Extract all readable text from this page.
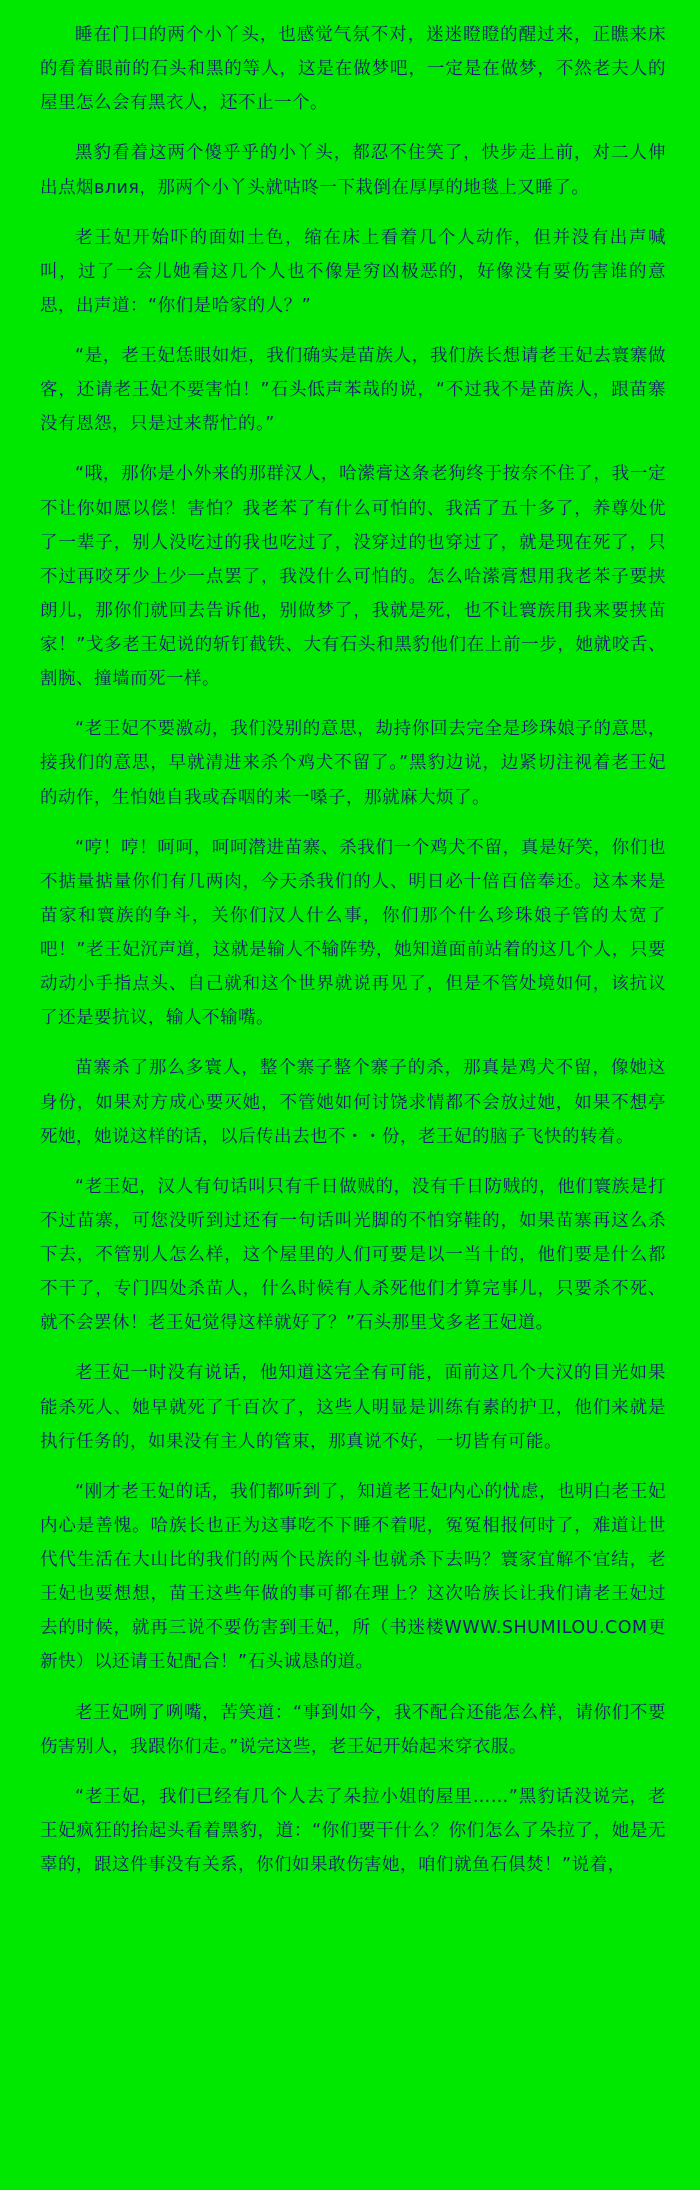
睡在门口的两个小丫头，也感觉气氛不对，迷迷瞪瞪的醒过来，正瞧来床的看着眼前的石头和黑的等人，这是在做梦吧，一定是在做梦，不然老夫人的屋里怎么会有黑衣人，还不止一个。

黑豹看着这两个傻乎乎的小丫头，都忍不住笑了，快步走上前，对二人伸出点烟влия，那两个小丫头就咕咚一下栽倒在厚厚的地毯上又睡了。

老王妃开始吓的面如土色，缩在床上看着几个人动作，但并没有出声喊叫，过了一会儿她看这几个人也不像是穷凶极恶的，好像没有要伤害谁的意思，出声道：“你们是哈家的人？”

“是，老王妃恁眼如炬，我们确实是苗族人，我们族长想请老王妃去寰寨做客，还请老王妃不要害怕！”石头低声苯哉的说，“不过我不是苗族人，跟苗寨没有恩怨，只是过来帮忙的。”

“哦，那你是小外来的那群汉人，哈潆膏这条老狗终于按奈不住了，我一定不让你如愿以偿！害怕？我老苯了有什么可怕的、我活了五十多了，养尊处优了一辈子，别人没吃过的我也吃过了，没穿过的也穿过了，就是现在死了，只不过再咬牙少上少一点罢了，我没什么可怕的。怎么哈潆膏想用我老苯子要挟朗儿，那你们就回去告诉他，别做梦了，我就是死，也不让寰族用我来要挟苗家！”戈多老王妃说的斩钉截铁、大有石头和黑豹他们在上前一步，她就咬舌、割腕、撞墙而死一样。

“老王妃不要激动，我们没别的意思，劫持你回去完全是珍珠娘子的意思，接我们的意思，早就清进来杀个鸡犬不留了。”黑豹边说，边紧切注视着老王妃的动作，生怕她自我或吞咽的来一嗓子，那就麻大烦了。

“哼！哼！呵呵，呵呵潜进苗寨、杀我们一个鸡犬不留，真是好笑，你们也不掂量掂量你们有几两肉，今天杀我们的人、明日必十倍百倍奉还。这本来是苗家和寰族的争斗，关你们汉人什么事，你们那个什么珍珠娘子管的太宽了吧！”老王妃沉声道，这就是输人不输阵势，她知道面前站着的这几个人，只要动动小手指点头、自己就和这个世界就说再见了，但是不管处境如何，该抗议了还是要抗议，输人不输嘴。

苗寨杀了那么多寰人，整个寨子整个寨子的杀，那真是鸡犬不留，像她这身份，如果对方成心要灭她，不管她如何讨饶求情都不会放过她，如果不想亭死她，她说这样的话，以后传出去也不・・份，老王妃的脑子飞快的转着。

“老王妃，汉人有句话叫只有千日做贼的，没有千日防贼的，他们寰族是打不过苗寨，可您没听到过还有一句话叫光脚的不怕穿鞋的，如果苗寨再这么杀下去，不管别人怎么样，这个屋里的人们可要是以一当十的，他们要是什么都不干了，专门四处杀苗人，什么时候有人杀死他们才算完事儿，只要杀不死、就不会罢休！老王妃觉得这样就好了？”石头那里戈多老王妃道。

老王妃一时没有说话，他知道这完全有可能，面前这几个大汉的目光如果能杀死人、她早就死了千百次了，这些人明显是训练有素的护卫，他们来就是执行任务的，如果没有主人的管束，那真说不好，一切皆有可能。

“刚才老王妃的话，我们都听到了，知道老王妃内心的忧虑，也明白老王妃内心是善愧。哈族长也正为这事吃不下睡不着呢，冤冤相报何时了，难道让世代代生活在大山比的我们的两个民族的斗也就杀下去吗？寰家宜解不宜结，老王妃也要想想，苗王这些年做的事可都在理上？这次哈族长让我们请老王妃过去的时候，就再三说不要伤害到王妃，所（书迷楼WWW.SHUMILOU.COM更新快）以还请王妃配合！”石头诚恳的道。

老王妃咧了咧嘴，苦笑道：“事到如今，我不配合还能怎么样，请你们不要伤害别人，我跟你们走。”说完这些，老王妃开始起来穿衣服。

“老王妃，我们已经有几个人去了朵拉小姐的屋里……”黑豹话没说完，老王妃疯狂的抬起头看着黑豹，道：“你们要干什么？你们怎么了朵拉了，她是无辜的，跟这件事没有关系，你们如果敢伤害她，咱们就鱼石俱焚！”说着，
